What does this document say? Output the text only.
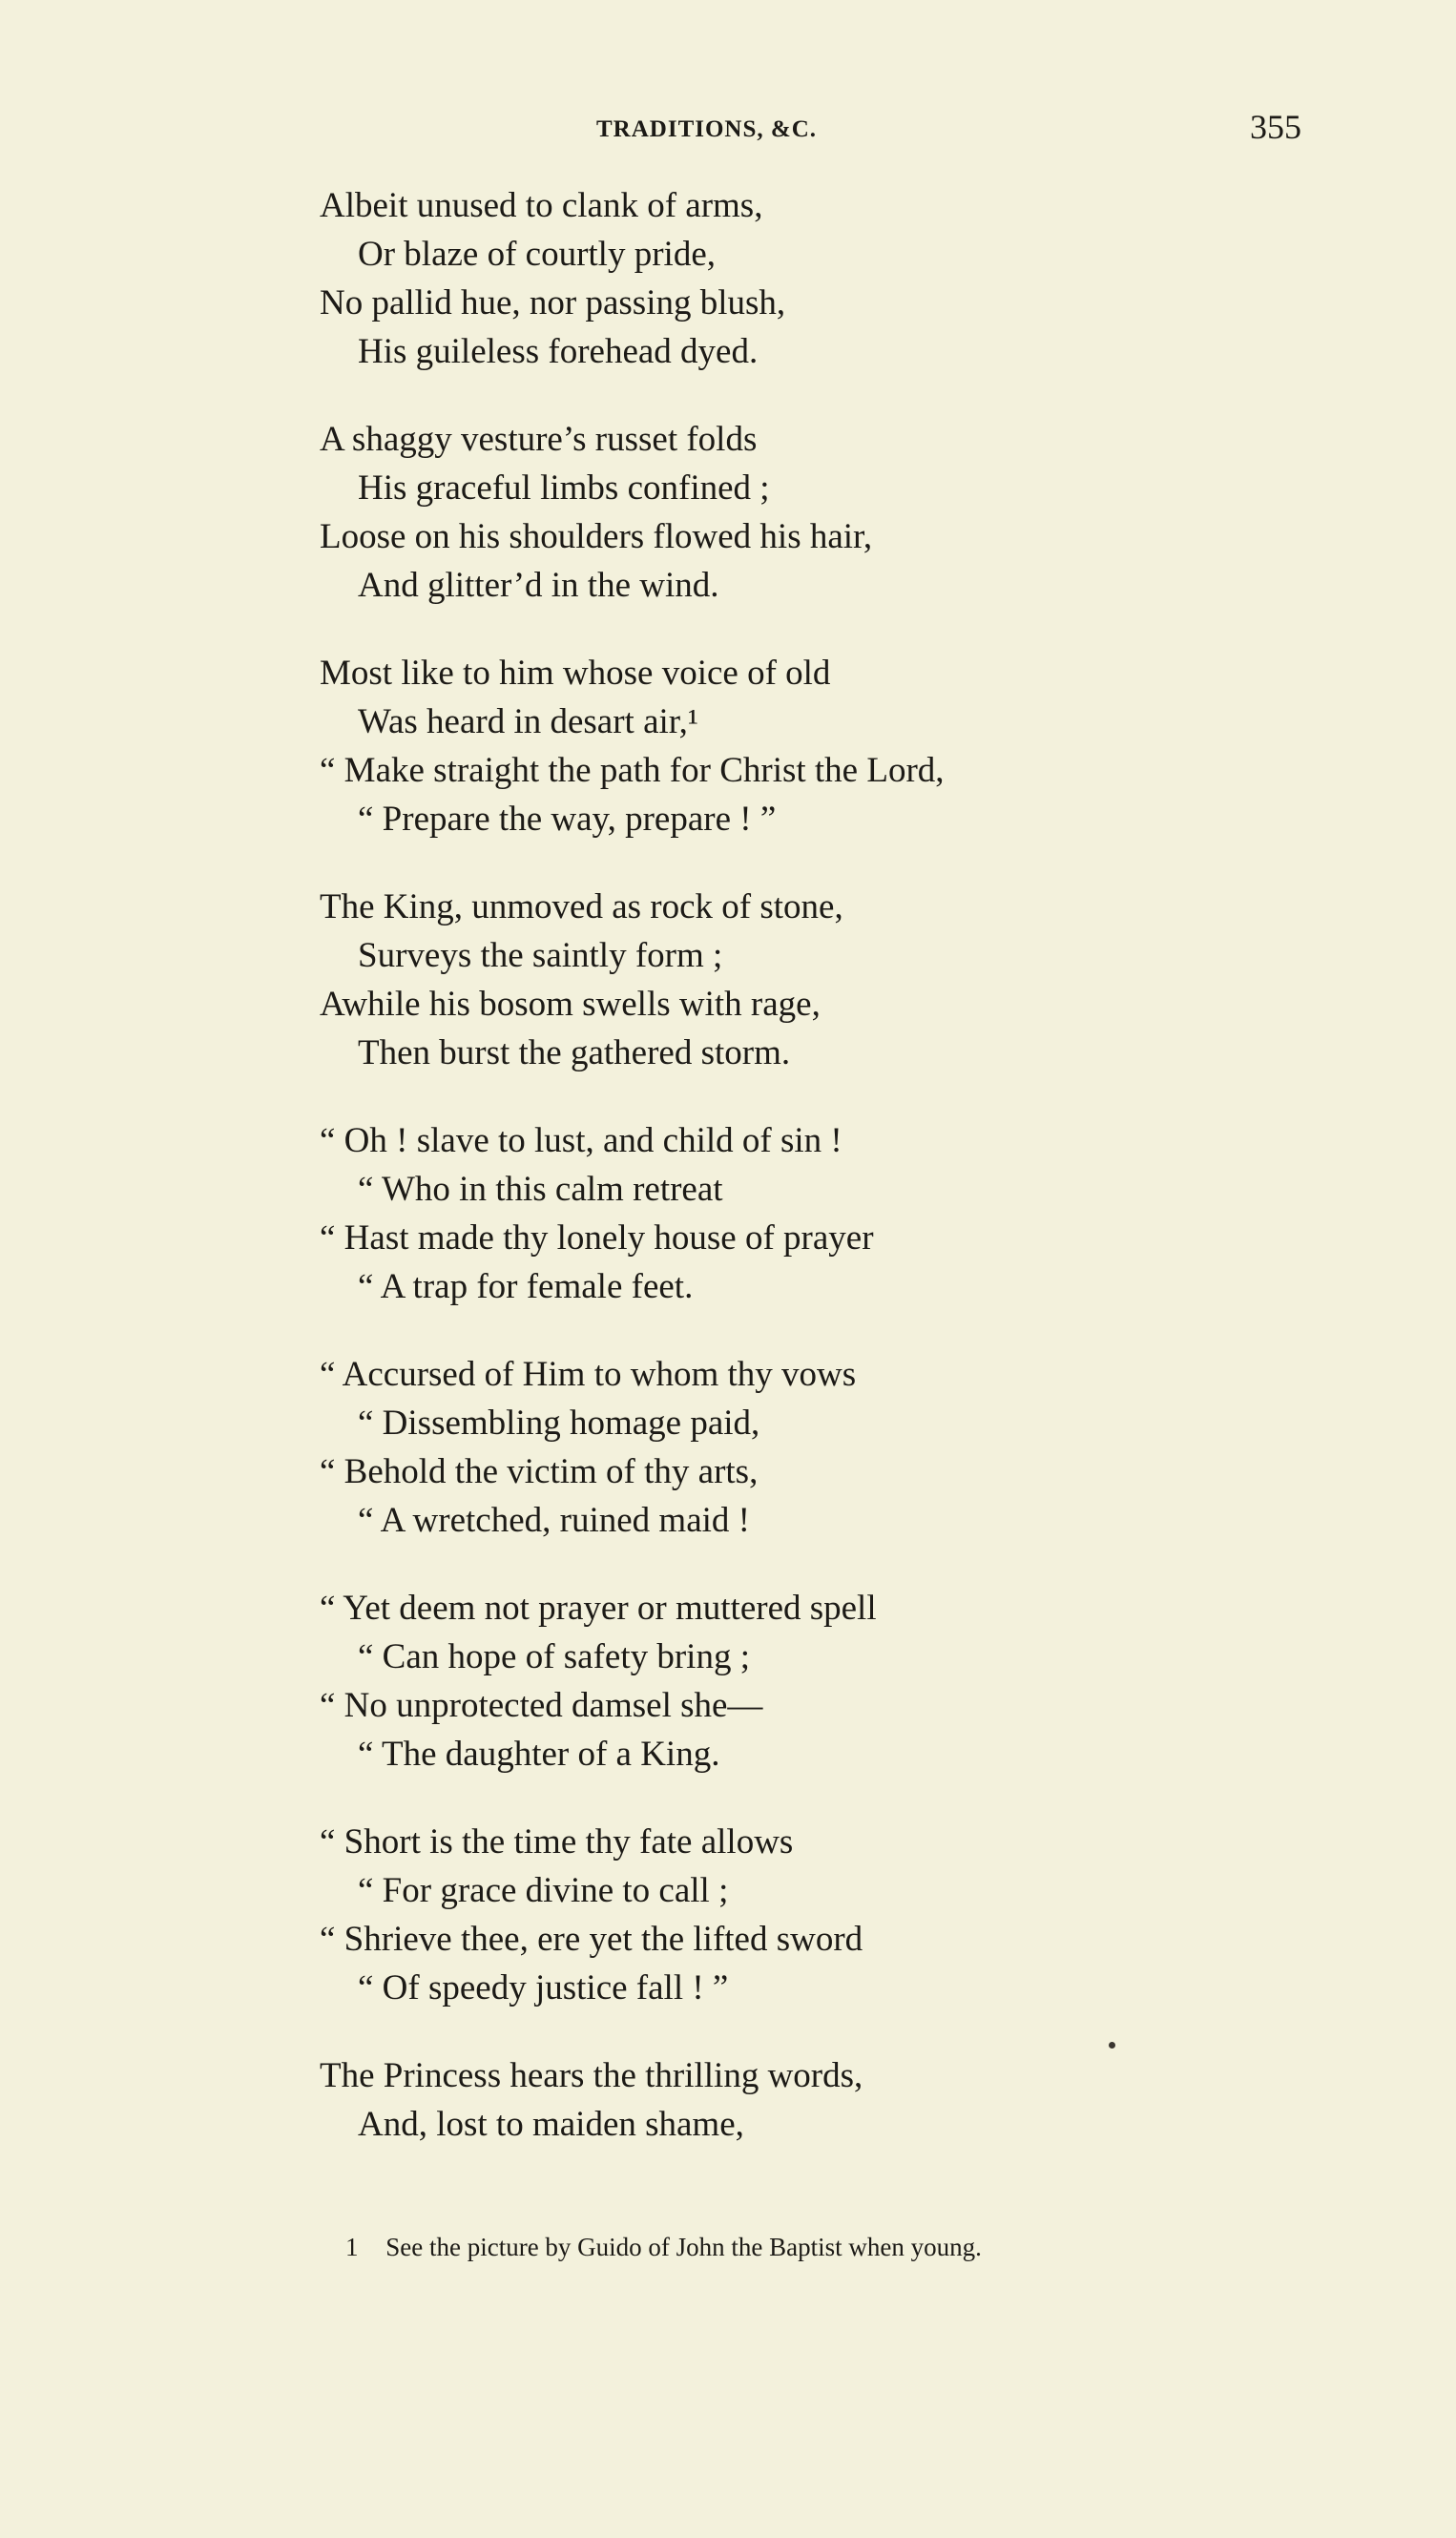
TRADITIONS, &C.	355
Albeit unused to clank of arms,
Or blaze of courtly pride,
No pallid hue, nor passing blush,
His guileless forehead dyed.
A shaggy vesture’s russet folds
His graceful limbs confined ;
Loose on his shoulders flowed his hair,
And glitter’d in the wind.
Most like to him whose voice of old
Was heard in desart air,¹
“ Make straight the path for Christ the Lord,
“ Prepare the way, prepare ! ”
The King, unmoved as rock of stone,
Surveys the saintly form ;
Awhile his bosom swells with rage,
Then burst the gathered storm.
“ Oh ! slave to lust, and child of sin !
“ Who in this calm retreat
“ Hast made thy lonely house of prayer
“ A trap for female feet.
“ Accursed of Him to whom thy vows
“ Dissembling homage paid,
“ Behold the victim of thy arts,
“ A wretched, ruined maid !
“ Yet deem not prayer or muttered spell
“ Can hope of safety bring ;
“ No unprotected damsel she—
“ The daughter of a King.
“ Short is the time thy fate allows
“ For grace divine to call ;
“ Shrieve thee, ere yet the lifted sword
“ Of speedy justice fall ! ”
The Princess hears the thrilling words,
And, lost to maiden shame,
1 See the picture by Guido of John the Baptist when young.
